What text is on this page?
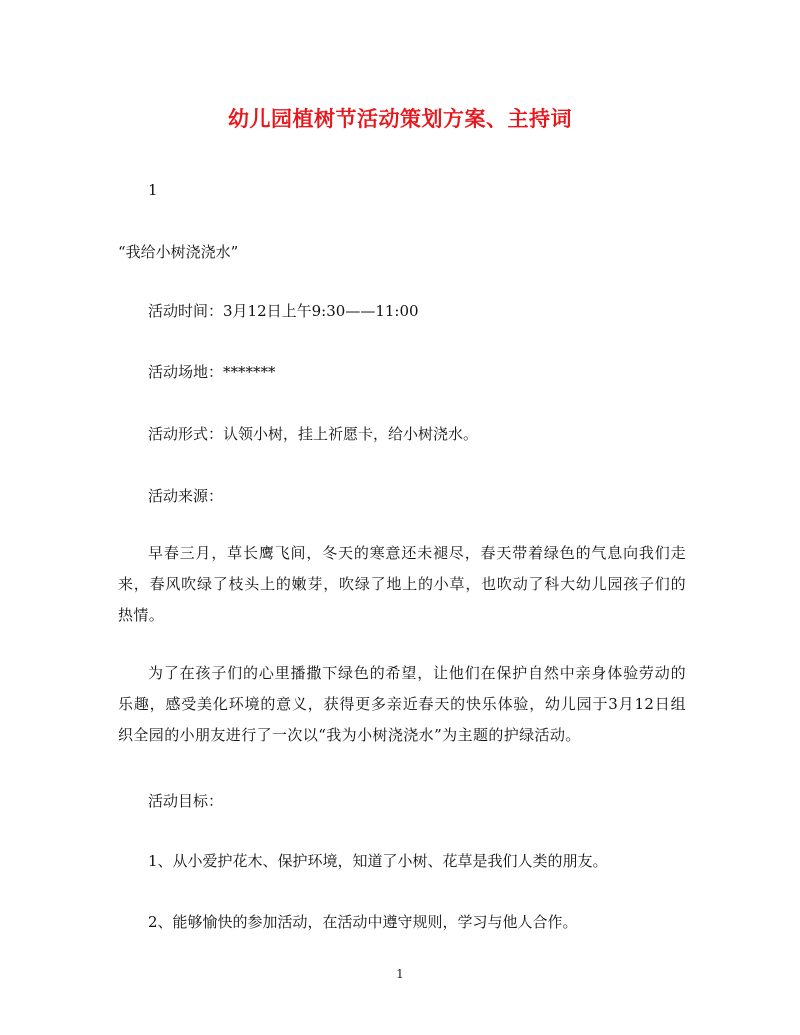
幼儿园植树节活动策划方案、主持词
1
“我给小树浇浇水”
活动时间：3月12日上午9:30——11:00
活动场地：*******
活动形式：认领小树，挂上祈愿卡，给小树浇水。
活动来源：
早春三月，草长鹰飞间，冬天的寒意还未褪尽，春天带着绿色的气息向我们走来，春风吹绿了枝头上的嫩芽，吹绿了地上的小草，也吹动了科大幼儿园孩子们的热情。
为了在孩子们的心里播撒下绿色的希望，让他们在保护自然中亲身体验劳动的乐趣，感受美化环境的意义，获得更多亲近春天的快乐体验，幼儿园于3月12日组织全园的小朋友进行了一次以“我为小树浇浇水”为主题的护绿活动。
活动目标：
1、从小爱护花木、保护环境，知道了小树、花草是我们人类的朋友。
2、能够愉快的参加活动，在活动中遵守规则，学习与他人合作。
1
